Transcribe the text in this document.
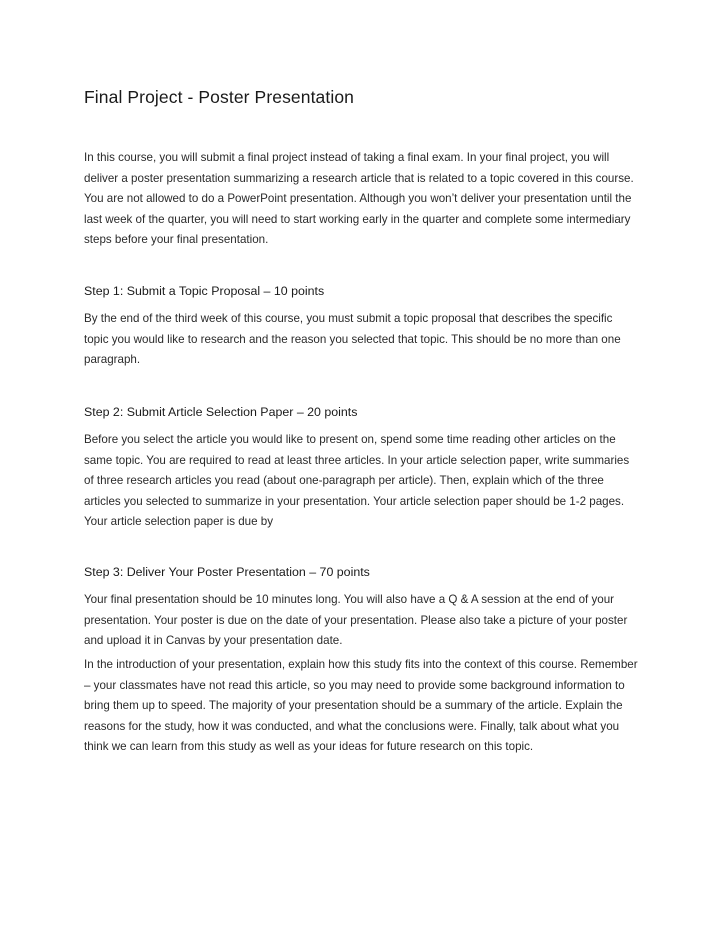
Final Project - Poster Presentation

In this course, you will submit a final project instead of taking a final exam. In your final project, you will deliver a poster presentation summarizing a research article that is related to a topic covered in this course. You are not allowed to do a PowerPoint presentation. Although you won’t deliver your presentation until the last week of the quarter, you will need to start working early in the quarter and complete some intermediary steps before your final presentation.

Step 1: Submit a Topic Proposal – 10 points

By the end of the third week of this course, you must submit a topic proposal that describes the specific topic you would like to research and the reason you selected that topic. This should be no more than one paragraph.

Step 2: Submit Article Selection Paper – 20 points

Before you select the article you would like to present on, spend some time reading other articles on the same topic. You are required to read at least three articles. In your article selection paper, write summaries of three research articles you read (about one-paragraph per article). Then, explain which of the three articles you selected to summarize in your presentation. Your article selection paper should be 1-2 pages. Your article selection paper is due by

Step 3: Deliver Your Poster Presentation – 70 points

Your final presentation should be 10 minutes long. You will also have a Q & A session at the end of your presentation. Your poster is due on the date of your presentation. Please also take a picture of your poster and upload it in Canvas by your presentation date.

In the introduction of your presentation, explain how this study fits into the context of this course. Remember – your classmates have not read this article, so you may need to provide some background information to bring them up to speed. The majority of your presentation should be a summary of the article. Explain the reasons for the study, how it was conducted, and what the conclusions were. Finally, talk about what you think we can learn from this study as well as your ideas for future research on this topic.
